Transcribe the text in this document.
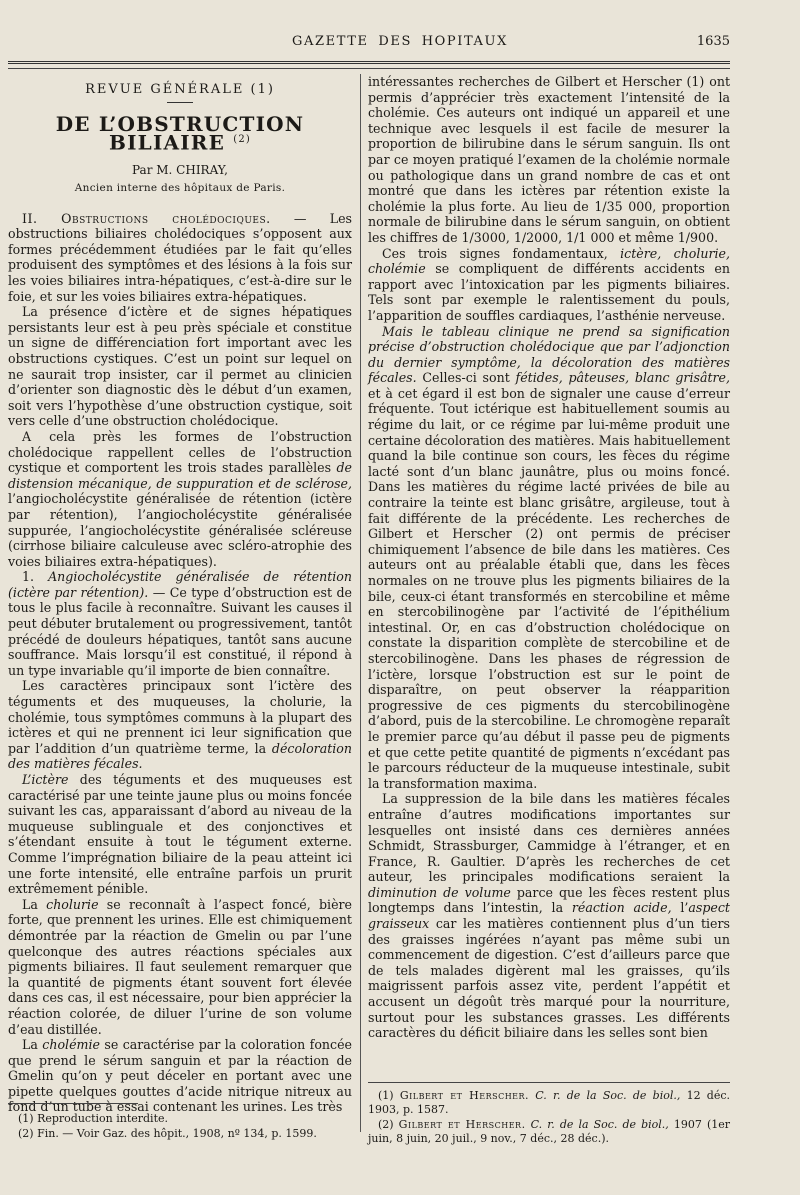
GAZETTE DES HOPITAUX	1635
REVUE GÉNÉRALE (1)
DE L’OBSTRUCTION BILIAIRE $^{(2)}$
Par M. CHIRAY,
Ancien interne des hôpitaux de Paris.

II. Obstructions cholédociques. — Les obstructions biliaires cholédociques s’opposent aux formes précédemment étudiées par le fait qu’elles produisent des symptômes et des lésions à la fois sur les voies biliaires intra-hépatiques, c’est-à-dire sur le foie, et sur les voies biliaires extra-hépatiques.

La présence d’ictère et de signes hépatiques persistants leur est à peu près spéciale et constitue un signe de différenciation fort important avec les obstructions cystiques. C’est un point sur lequel on ne saurait trop insister, car il permet au clinicien d’orienter son diagnostic dès le début d’un examen, soit vers l’hypothèse d’une obstruction cystique, soit vers celle d’une obstruction cholédocique.

A cela près les formes de l’obstruction cholédocique rappellent celles de l’obstruction cystique et comportent les trois stades parallèles de distension mécanique, de suppuration et de sclérose, l’angiocholécystite généralisée de rétention (ictère par rétention), l’angiocholécystite généralisée suppurée, l’angiocholécystite généralisée scléreuse (cirrhose biliaire calculeuse avec scléro-atrophie des voies biliaires extra-hépatiques).

1. Angiocholécystite généralisée de rétention (ictère par rétention). — Ce type d’obstruction est de tous le plus facile à reconnaître. Suivant les causes il peut débuter brutalement ou progressivement, tantôt précédé de douleurs hépatiques, tantôt sans aucune souffrance. Mais lorsqu’il est constitué, il répond à un type invariable qu’il importe de bien connaître.

Les caractères principaux sont l’ictère des téguments et des muqueuses, la cholurie, la cholémie, tous symptômes communs à la plupart des ictères et qui ne prennent ici leur signification que par l’addition d’un quatrième terme, la décoloration des matières fécales.

L’ictère des téguments et des muqueuses est caractérisé par une teinte jaune plus ou moins foncée suivant les cas, apparaissant d’abord au niveau de la muqueuse sublinguale et des conjonctives et s’étendant ensuite à tout le tégument externe. Comme l’imprégnation biliaire de la peau atteint ici une forte intensité, elle entraîne parfois un prurit extrêmement pénible.

La cholurie se reconnaît à l’aspect foncé, bière forte, que prennent les urines. Elle est chimiquement démontrée par la réaction de Gmelin ou par l’une quelconque des autres réactions spéciales aux pigments biliaires. Il faut seulement remarquer que la quantité de pigments étant souvent fort élevée dans ces cas, il est nécessaire, pour bien apprécier la réaction colorée, de diluer l’urine de son volume d’eau distillée.

La cholémie se caractérise par la coloration foncée que prend le sérum sanguin et par la réaction de Gmelin qu’on y peut déceler en portant avec une pipette quelques gouttes d’acide nitrique nitreux au fond d’un tube à essai contenant les urines. Les très

intéressantes recherches de Gilbert et Herscher (1) ont permis d’apprécier très exactement l’intensité de la cholémie. Ces auteurs ont indiqué un appareil et une technique avec lesquels il est facile de mesurer la proportion de bilirubine dans le sérum sanguin. Ils ont par ce moyen pratiqué l’examen de la cholémie normale ou pathologique dans un grand nombre de cas et ont montré que dans les ictères par rétention existe la cholémie la plus forte. Au lieu de 1/35 000, proportion normale de bilirubine dans le sérum sanguin, on obtient les chiffres de 1/3000, 1/2000, 1/1 000 et même 1/900.

Ces trois signes fondamentaux, ictère, cholurie, cholémie se compliquent de différents accidents en rapport avec l’intoxication par les pigments biliaires. Tels sont par exemple le ralentissement du pouls, l’apparition de souffles cardiaques, l’asthénie nerveuse.

Mais le tableau clinique ne prend sa signification précise d’obstruction cholédocique que par l’adjonction du dernier symptôme, la décoloration des matières fécales. Celles-ci sont fétides, pâteuses, blanc grisâtre, et à cet égard il est bon de signaler une cause d’erreur fréquente. Tout ictérique est habituellement soumis au régime du lait, or ce régime par lui-même produit une certaine décoloration des matières. Mais habituellement quand la bile continue son cours, les fèces du régime lacté sont d’un blanc jaunâtre, plus ou moins foncé. Dans les matières du régime lacté privées de bile au contraire la teinte est blanc grisâtre, argileuse, tout à fait différente de la précédente. Les recherches de Gilbert et Herscher (2) ont permis de préciser chimiquement l’absence de bile dans les matières. Ces auteurs ont au préalable établi que, dans les fèces normales on ne trouve plus les pigments biliaires de la bile, ceux-ci étant transformés en stercobiline et même en stercobilinogène par l’activité de l’épithélium intestinal. Or, en cas d’obstruction cholédocique on constate la disparition complète de stercobiline et de stercobilinogène. Dans les phases de régression de l’ictère, lorsque l’obstruction est sur le point de disparaître, on peut observer la réapparition progressive de ces pigments du stercobilinogène d’abord, puis de la stercobiline. Le chromogène reparaît le premier parce qu’au début il passe peu de pigments et que cette petite quantité de pigments n’excédant pas le parcours réducteur de la muqueuse intestinale, subit la transformation maxima.

La suppression de la bile dans les matières fécales entraîne d’autres modifications importantes sur lesquelles ont insisté dans ces dernières années Schmidt, Strassburger, Cammidge à l’étranger, et en France, R. Gaultier. D’après les recherches de cet auteur, les principales modifications seraient la diminution de volume parce que les fèces restent plus longtemps dans l’intestin, la réaction acide, l’aspect graisseux car les matières contiennent plus d’un tiers des graisses ingérées n’ayant pas même subi un commencement de digestion. C’est d’ailleurs parce que de tels malades digèrent mal les graisses, qu’ils maigrissent parfois assez vite, perdent l’appétit et accusent un dégoût très marqué pour la nourriture, surtout pour les substances grasses. Les différents caractères du déficit biliaire dans les selles sont bien

(1) Reproduction interdite.

(2) Fin. — Voir Gaz. des hôpit., 1908, nº 134, p. 1599.

(1) Gilbert et Herscher. C. r. de la Soc. de biol., 12 déc. 1903, p. 1587.

(2) Gilbert et Herscher. C. r. de la Soc. de biol., 1907 (1er juin, 8 juin, 20 juil., 9 nov., 7 déc., 28 déc.).
